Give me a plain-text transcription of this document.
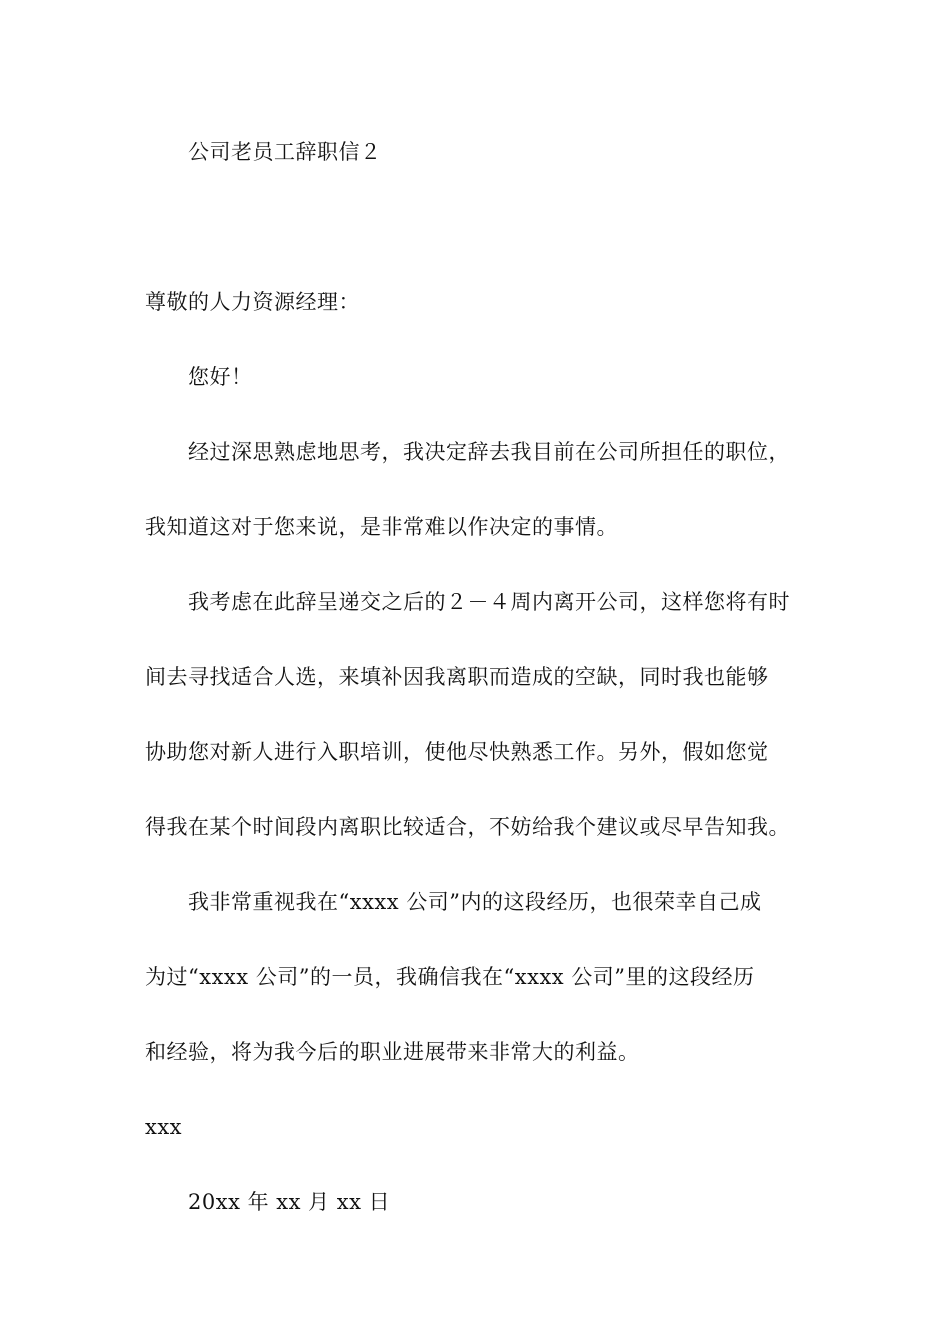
公司老员工辞职信２
尊敬的人力资源经理：
您好！
经过深思熟虑地思考，我决定辞去我目前在公司所担任的职位，
我知道这对于您来说，是非常难以作决定的事情。
我考虑在此辞呈递交之后的２－４周内离开公司，这样您将有时
间去寻找适合人选，来填补因我离职而造成的空缺，同时我也能够
协助您对新人进行入职培训，使他尽快熟悉工作。另外，假如您觉
得我在某个时间段内离职比较适合，不妨给我个建议或尽早告知我。
我非常重视我在“xxxx 公司”内的这段经历，也很荣幸自己成
为过“xxxx 公司”的一员，我确信我在“xxxx 公司”里的这段经历
和经验，将为我今后的职业进展带来非常大的利益。
xxx
20xx 年 xx 月 xx 日
